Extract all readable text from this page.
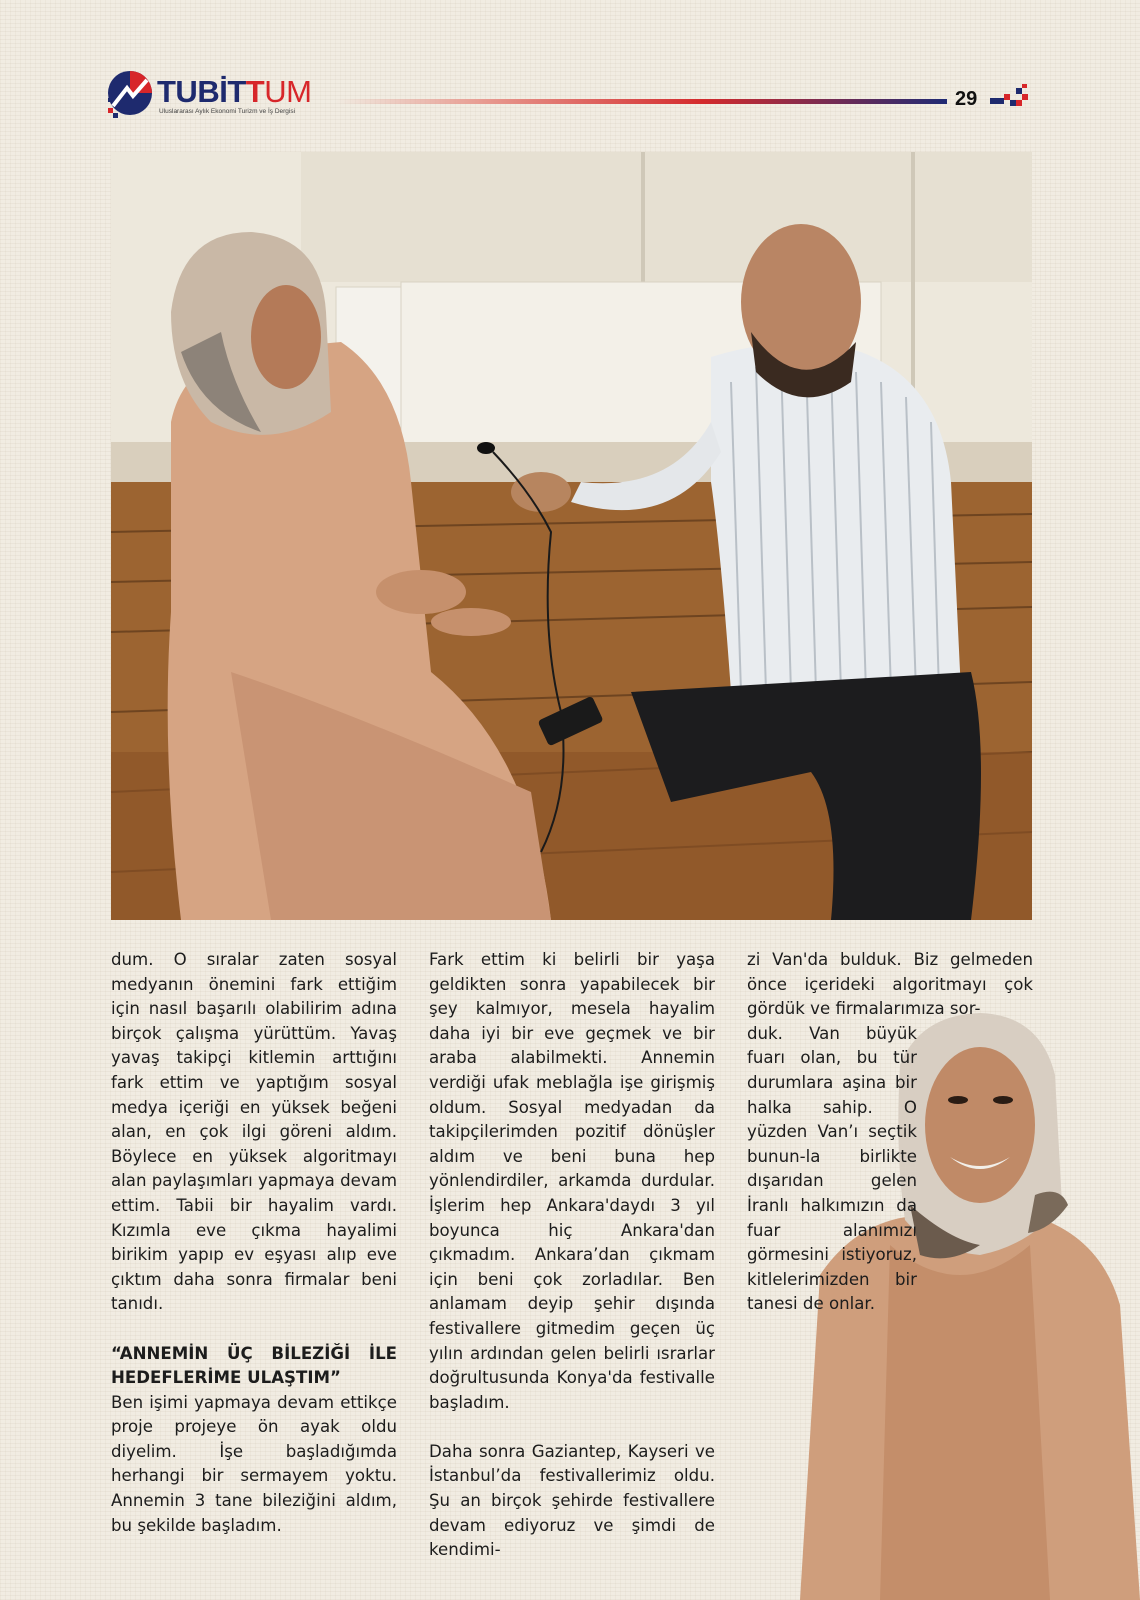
TUBİTTUM
Uluslararası Aylık Ekonomi Turizm ve İş Dergisi
29

dum. O sıralar zaten sosyal medyanın önemini fark ettiğim için nasıl başarılı olabilirim adına birçok çalışma yürüttüm. Yavaş yavaş takipçi kitlemin arttığını fark ettim ve yaptığım sosyal medya içeriği en yüksek beğeni alan, en çok ilgi göreni aldım. Böylece en yüksek algoritmayı alan paylaşımları yapmaya devam ettim. Tabii bir hayalim vardı. Kızımla eve çıkma hayalimi birikim yapıp ev eşyası alıp eve çıktım daha sonra firmalar beni tanıdı.

“ANNEMİN ÜÇ BİLEZİĞİ İLE HEDEFLERİME ULAŞTIM”

Ben işimi yapmaya devam ettikçe proje projeye ön ayak oldu diyelim. İşe başladığımda herhangi bir sermayem yoktu. Annemin 3 tane bileziğini aldım, bu şekilde başladım.

Fark ettim ki belirli bir yaşa geldikten sonra yapabilecek bir şey kalmıyor, mesela hayalim daha iyi bir eve geçmek ve bir araba alabilmekti. Annemin verdiği ufak meblağla işe girişmiş oldum. Sosyal medyadan da takipçilerimden pozitif dönüşler aldım ve beni buna hep yönlendirdiler, arkamda durdular. İşlerim hep Ankara'daydı 3 yıl boyunca hiç Ankara'dan çıkmadım. Ankara’dan çıkmam için beni çok zorladılar. Ben anlamam deyip şehir dışında festivallere gitmedim geçen üç yılın ardından gelen belirli ısrarlar doğrultusunda Konya'da festivalle başladım.

Daha sonra Gaziantep, Kayseri ve İstanbul’da festivallerimiz oldu. Şu an birçok şehirde festivallere devam ediyoruz ve şimdi de kendimi-

zi Van'da bulduk. Biz gelmeden önce içerideki algoritmayı çok gördük ve firmalarımıza sor-

duk. Van büyük fuarı olan, bu tür durumlara aşina bir halka sahip. O yüzden Van’ı seçtik bunun-la birlikte dışarıdan gelen İranlı halkımızın da fuar alanımızı görmesini istiyoruz, kitlelerimizden bir tanesi de onlar.
